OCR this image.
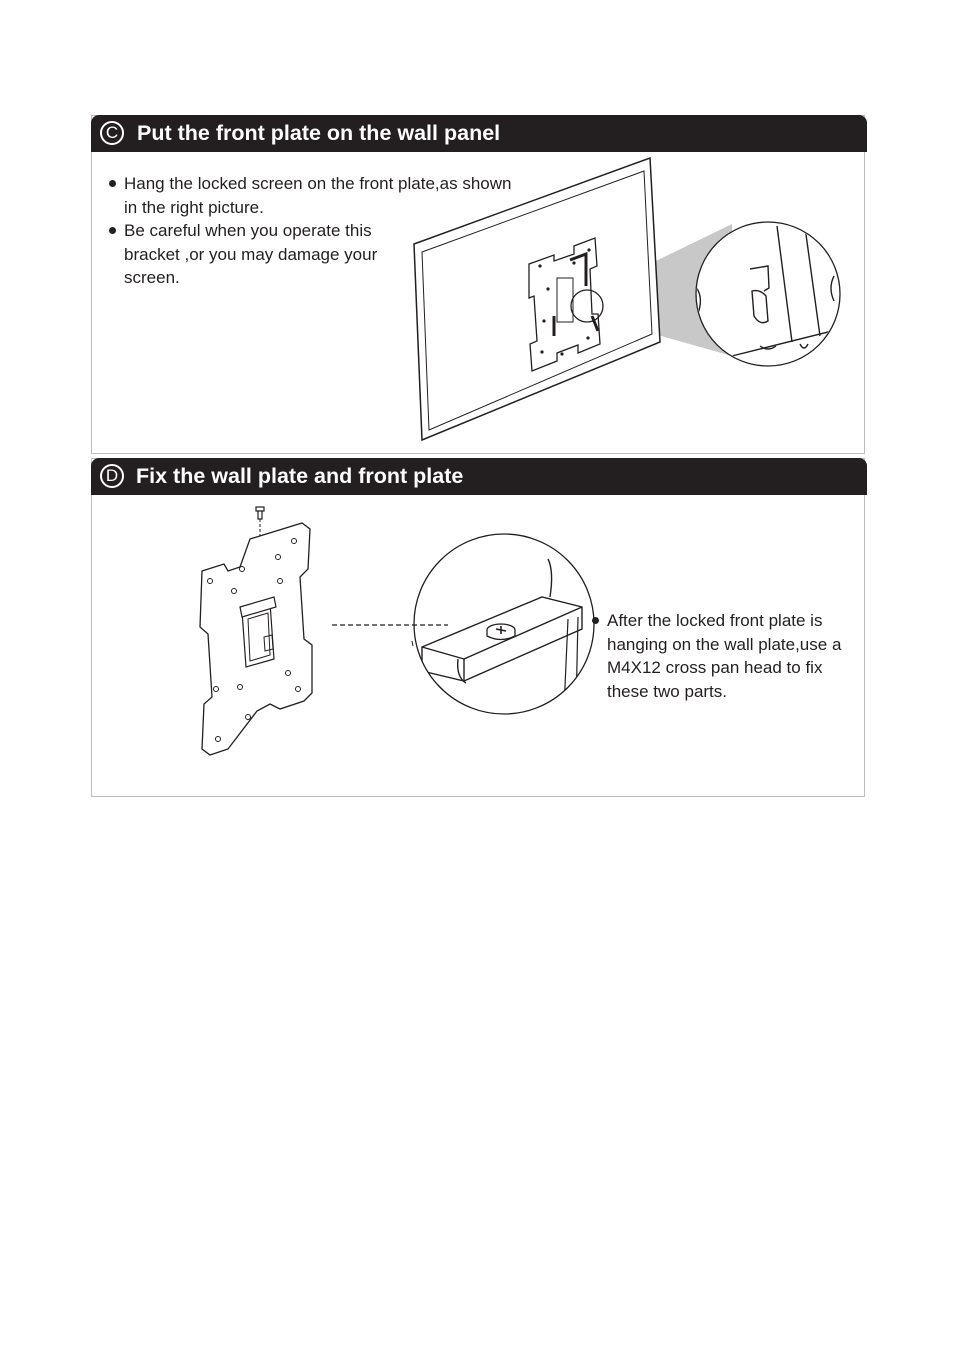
C Put the front plate on the wall panel
Hang the locked screen on the front plate,as shown in the right picture.
Be careful when you operate this bracket ,or you may damage your screen.
D Fix the wall plate and front plate
After the locked front plate is hanging on the wall plate,use a M4X12 cross pan head to fix these two parts.
